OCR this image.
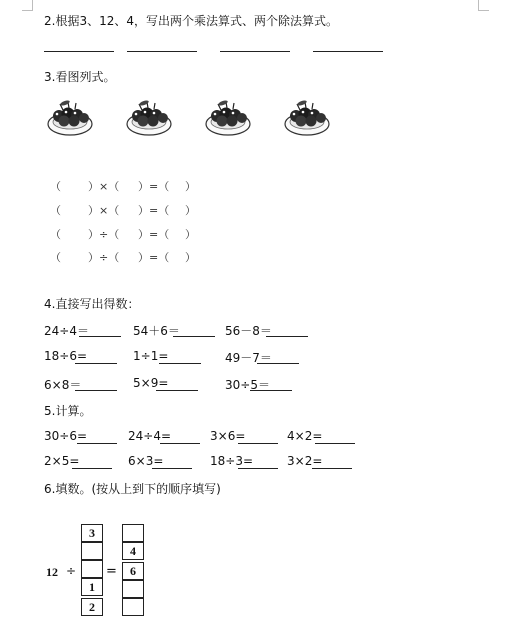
2.根据3、12、4，写出两个乘法算式、两个除法算式。
3.看图列式。
（ ）×（ ）=（ ）
（ ）×（ ）=（ ）
（ ）÷（ ）=（ ）
（ ）÷（ ）=（ ）
4.直接写出得数：
24÷4＝	54＋6＝	56－8＝
18÷6=	1÷1=	49－7＝
6×8＝	5×9=	30÷5＝
5.计算。
30÷6=	24÷4=	3×6=	4×2=
2×5=	6×3=	18÷3=	3×2=
6.填数。(按从上到下的顺序填写)
12 ÷ =
3
1
2
4
6
